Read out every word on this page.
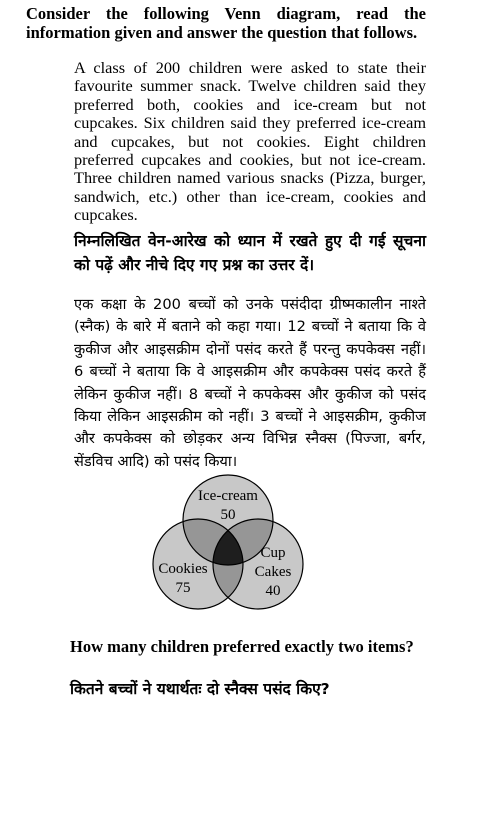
Consider the following Venn diagram, read the information given and answer the question that follows.

A class of 200 children were asked to state their favourite summer snack. Twelve children said they preferred both, cookies and ice-cream but not cupcakes. Six children said they preferred ice-cream and cupcakes, but not cookies. Eight children preferred cupcakes and cookies, but not ice-cream. Three children named various snacks (Pizza, burger, sandwich, etc.) other than ice-cream, cookies and cupcakes.

निम्नलिखित वेन-आरेख को ध्यान में रखते हुए दी गई सूचना को पढ़ें और नीचे दिए गए प्रश्न का उत्तर दें।

एक कक्षा के 200 बच्चों को उनके पसंदीदा ग्रीष्मकालीन नाश्ते (स्नैक) के बारे में बताने को कहा गया। 12 बच्चों ने बताया कि वे कुकीज और आइसक्रीम दोनों पसंद करते हैं परन्तु कपकेक्स नहीं। 6 बच्चों ने बताया कि वे आइसक्रीम और कपकेक्स पसंद करते हैं लेकिन कुकीज नहीं। 8 बच्चों ने कपकेक्स और कुकीज को पसंद किया लेकिन आइसक्रीम को नहीं। 3 बच्चों ने आइसक्रीम, कुकीज और कपकेक्स को छोड़कर अन्य विभिन्न स्नैक्स (पिज्जा, बर्गर, सेंडविच आदि) को पसंद किया।

Ice-cream
50
Cookies
75
Cup
Cakes
40

How many children preferred exactly two items?

कितने बच्चों ने यथार्थतः दो स्नैक्स पसंद किए?
